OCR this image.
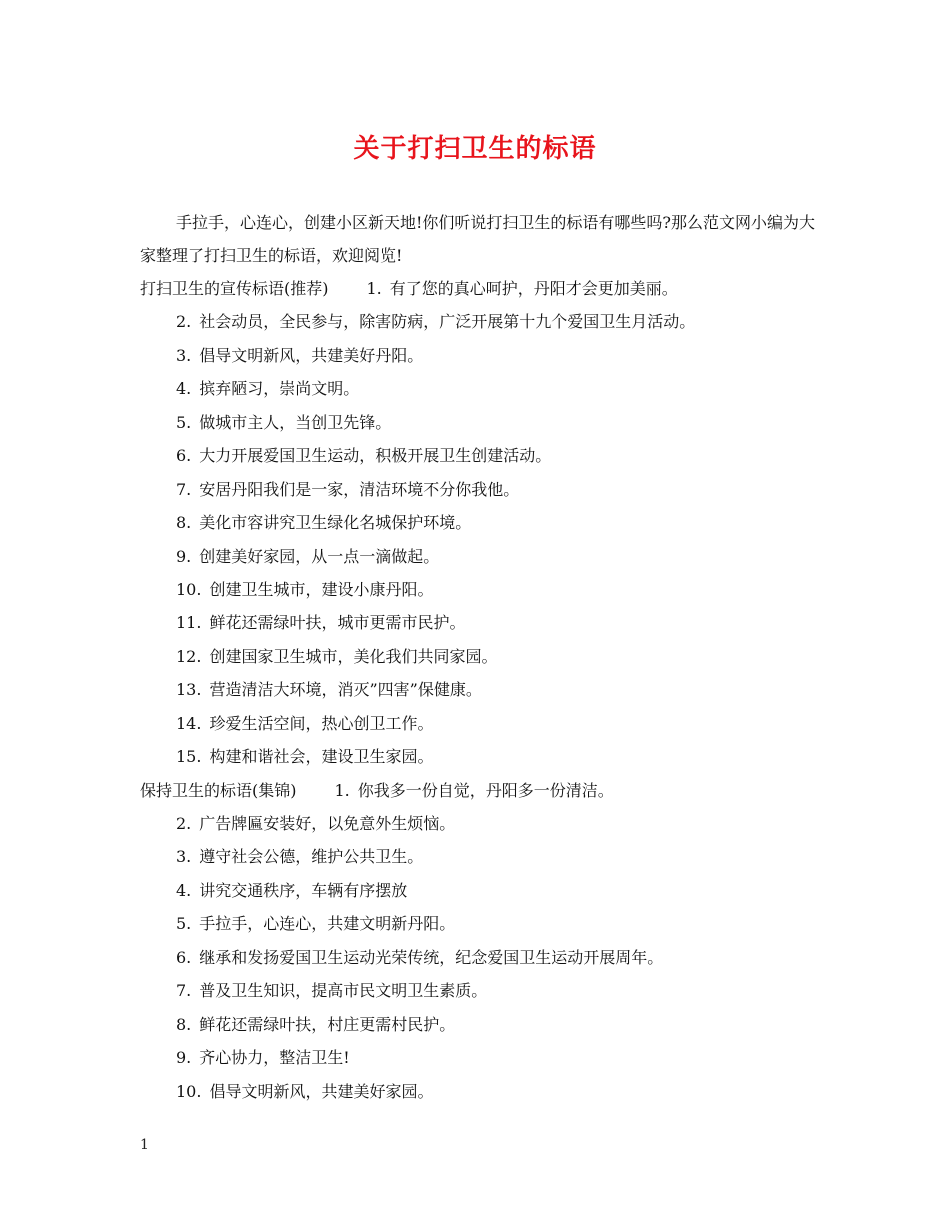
关于打扫卫生的标语
手拉手，心连心，创建小区新天地!你们听说打扫卫生的标语有哪些吗?那么范文网小编为大家整理了打扫卫生的标语，欢迎阅览!
打扫卫生的宣传标语(推荐) 1. 有了您的真心呵护，丹阳才会更加美丽。
2. 社会动员，全民参与，除害防病，广泛开展第十九个爱国卫生月活动。
3. 倡导文明新风，共建美好丹阳。
4. 摈弃陋习，崇尚文明。
5. 做城市主人，当创卫先锋。
6. 大力开展爱国卫生运动，积极开展卫生创建活动。
7. 安居丹阳我们是一家，清洁环境不分你我他。
8. 美化市容讲究卫生绿化名城保护环境。
9. 创建美好家园，从一点一滴做起。
10. 创建卫生城市，建设小康丹阳。
11. 鲜花还需绿叶扶，城市更需市民护。
12. 创建国家卫生城市，美化我们共同家园。
13. 营造清洁大环境，消灭”四害”保健康。
14. 珍爱生活空间，热心创卫工作。
15. 构建和谐社会，建设卫生家园。
保持卫生的标语(集锦) 1. 你我多一份自觉，丹阳多一份清洁。
2. 广告牌匾安装好，以免意外生烦恼。
3. 遵守社会公德，维护公共卫生。
4. 讲究交通秩序，车辆有序摆放
5. 手拉手，心连心，共建文明新丹阳。
6. 继承和发扬爱国卫生运动光荣传统，纪念爱国卫生运动开展周年。
7. 普及卫生知识，提高市民文明卫生素质。
8. 鲜花还需绿叶扶，村庄更需村民护。
9. 齐心协力，整洁卫生!
10. 倡导文明新风，共建美好家园。
1
